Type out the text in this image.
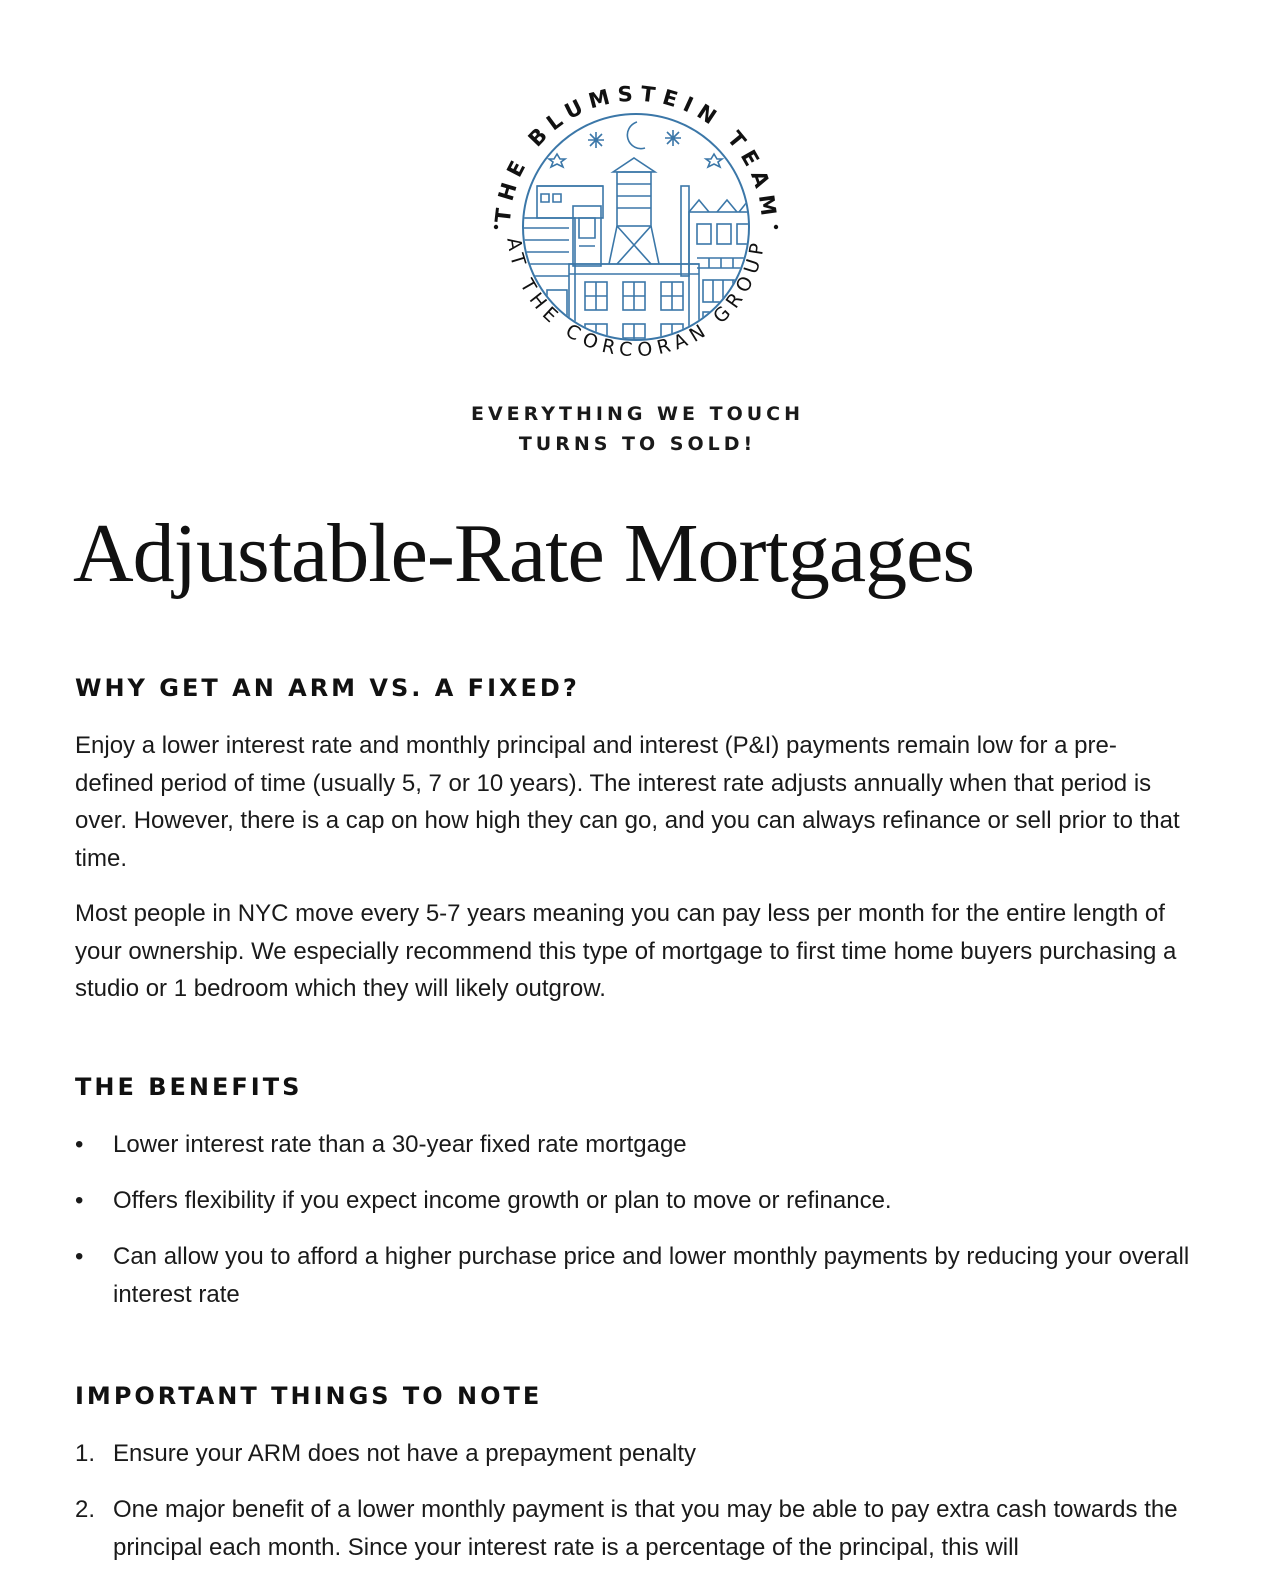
THE BLUMSTEIN TEAM
AT THE CORCORAN GROUP
EVERYTHING WE TOUCH
TURNS TO SOLD!
Adjustable-Rate Mortgages
WHY GET AN ARM VS. A FIXED?

Enjoy a lower interest rate and monthly principal and interest (P&I) payments remain low for a pre-defined period of time (usually 5, 7 or 10 years). The interest rate adjusts annually when that period is over. However, there is a cap on how high they can go, and you can always refinance or sell prior to that time.

Most people in NYC move every 5-7 years meaning you can pay less per month for the entire length of your ownership. We especially recommend this type of mortgage to first time home buyers purchasing a studio or 1 bedroom which they will likely outgrow.

THE BENEFITS
•	Lower interest rate than a 30-year fixed rate mortgage
•	Offers flexibility if you expect income growth or plan to move or refinance.
•	Can allow you to afford a higher purchase price and lower monthly payments by reducing your overall interest rate
IMPORTANT THINGS TO NOTE
1. Ensure your ARM does not have a prepayment penalty
2. One major benefit of a lower monthly payment is that you may be able to pay extra cash towards the principal each month. Since your interest rate is a percentage of the principal, this will
